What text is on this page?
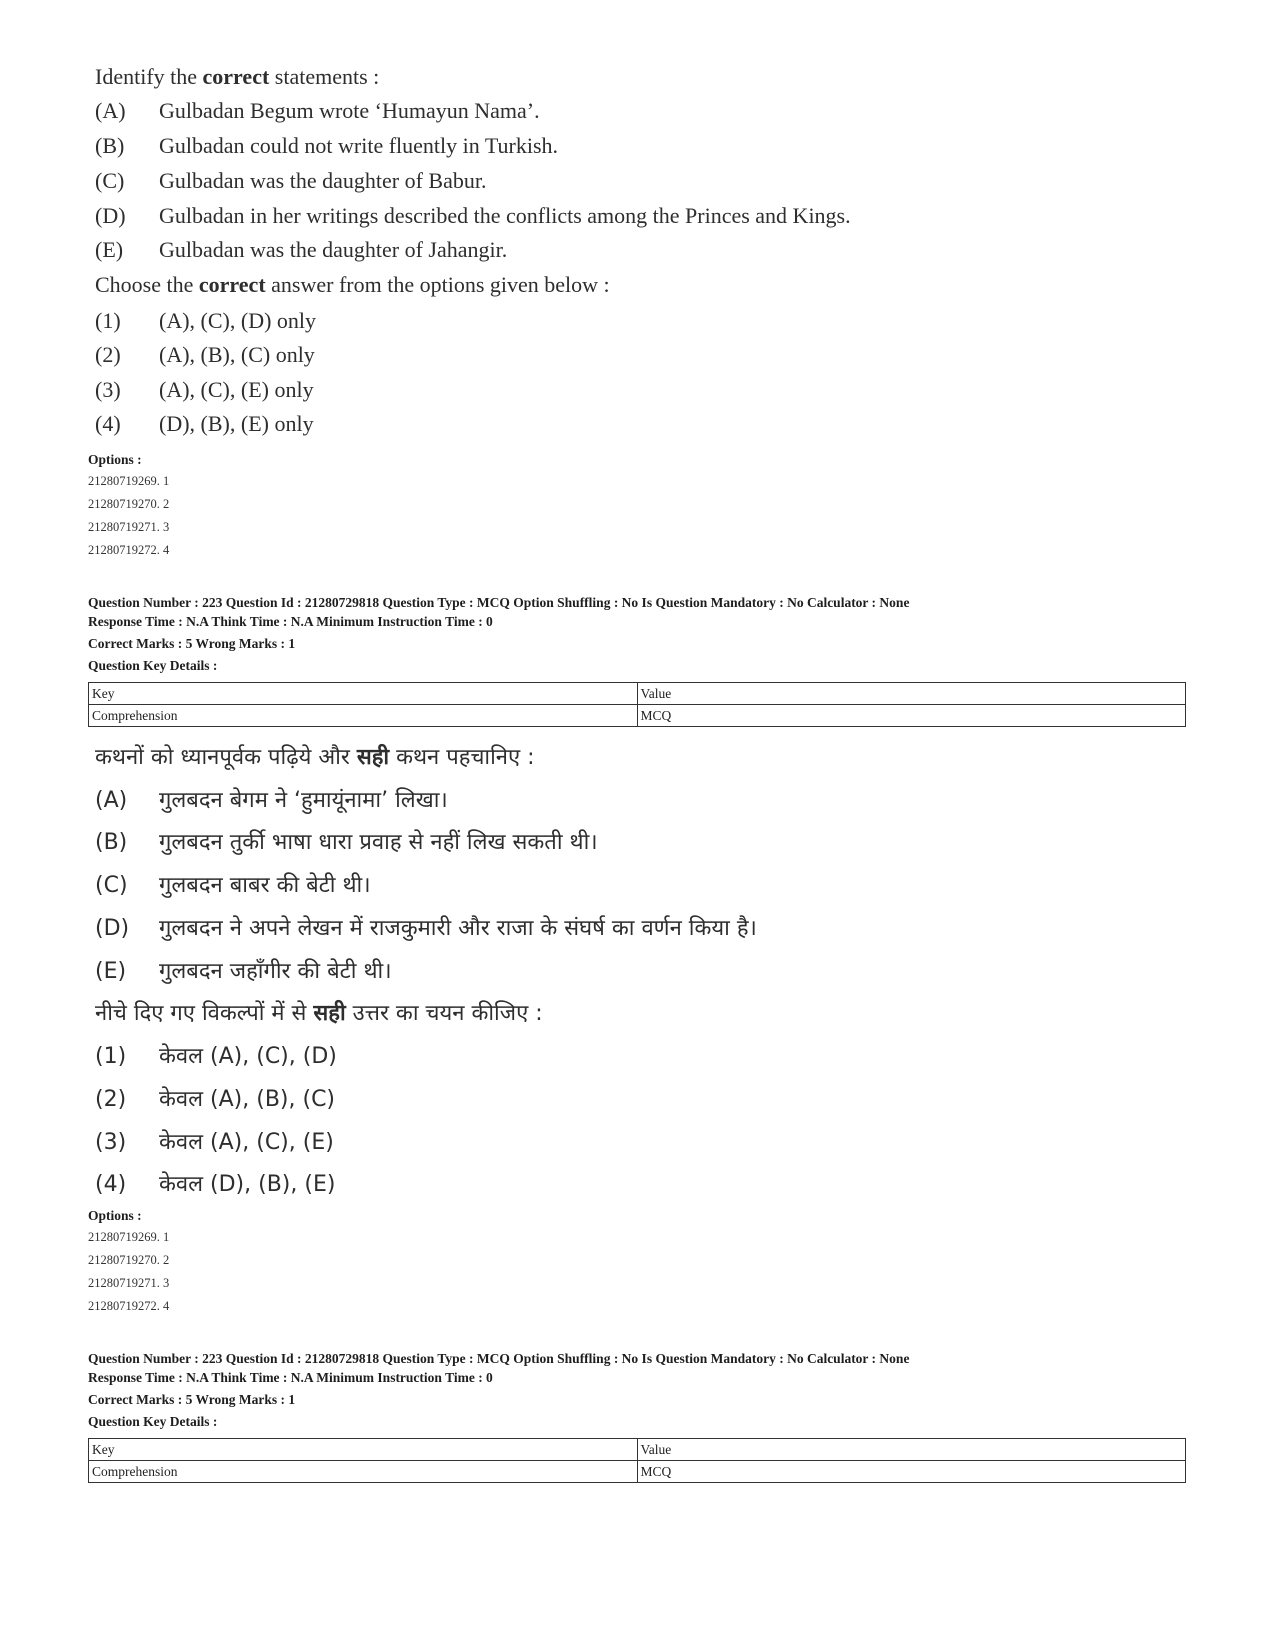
Identify the correct statements :
(A) Gulbadan Begum wrote ‘Humayun Nama’.
(B) Gulbadan could not write fluently in Turkish.
(C) Gulbadan was the daughter of Babur.
(D) Gulbadan in her writings described the conflicts among the Princes and Kings.
(E) Gulbadan was the daughter of Jahangir.
Choose the correct answer from the options given below :
(1) (A), (C), (D) only
(2) (A), (B), (C) only
(3) (A), (C), (E) only
(4) (D), (B), (E) only
Options :
21280719269. 1
21280719270. 2
21280719271. 3
21280719272. 4
Question Number : 223 Question Id : 21280729818 Question Type : MCQ Option Shuffling : No Is Question Mandatory : No Calculator : None
Response Time : N.A Think Time : N.A Minimum Instruction Time : 0
Correct Marks : 5 Wrong Marks : 1
Question Key Details :
Key	Value
Comprehension	MCQ
कथनों को ध्यानपूर्वक पढ़िये और सही कथन पहचानिए :
(A) गुलबदन बेगम ने ‘हुमायूंनामा’ लिखा।
(B) गुलबदन तुर्की भाषा धारा प्रवाह से नहीं लिख सकती थी।
(C) गुलबदन बाबर की बेटी थी।
(D) गुलबदन ने अपने लेखन में राजकुमारी और राजा के संघर्ष का वर्णन किया है।
(E) गुलबदन जहाँगीर की बेटी थी।
नीचे दिए गए विकल्पों में से सही उत्तर का चयन कीजिए :
(1) केवल (A), (C), (D)
(2) केवल (A), (B), (C)
(3) केवल (A), (C), (E)
(4) केवल (D), (B), (E)
Options :
21280719269. 1
21280719270. 2
21280719271. 3
21280719272. 4
Question Number : 223 Question Id : 21280729818 Question Type : MCQ Option Shuffling : No Is Question Mandatory : No Calculator : None
Response Time : N.A Think Time : N.A Minimum Instruction Time : 0
Correct Marks : 5 Wrong Marks : 1
Question Key Details :
Key	Value
Comprehension	MCQ
